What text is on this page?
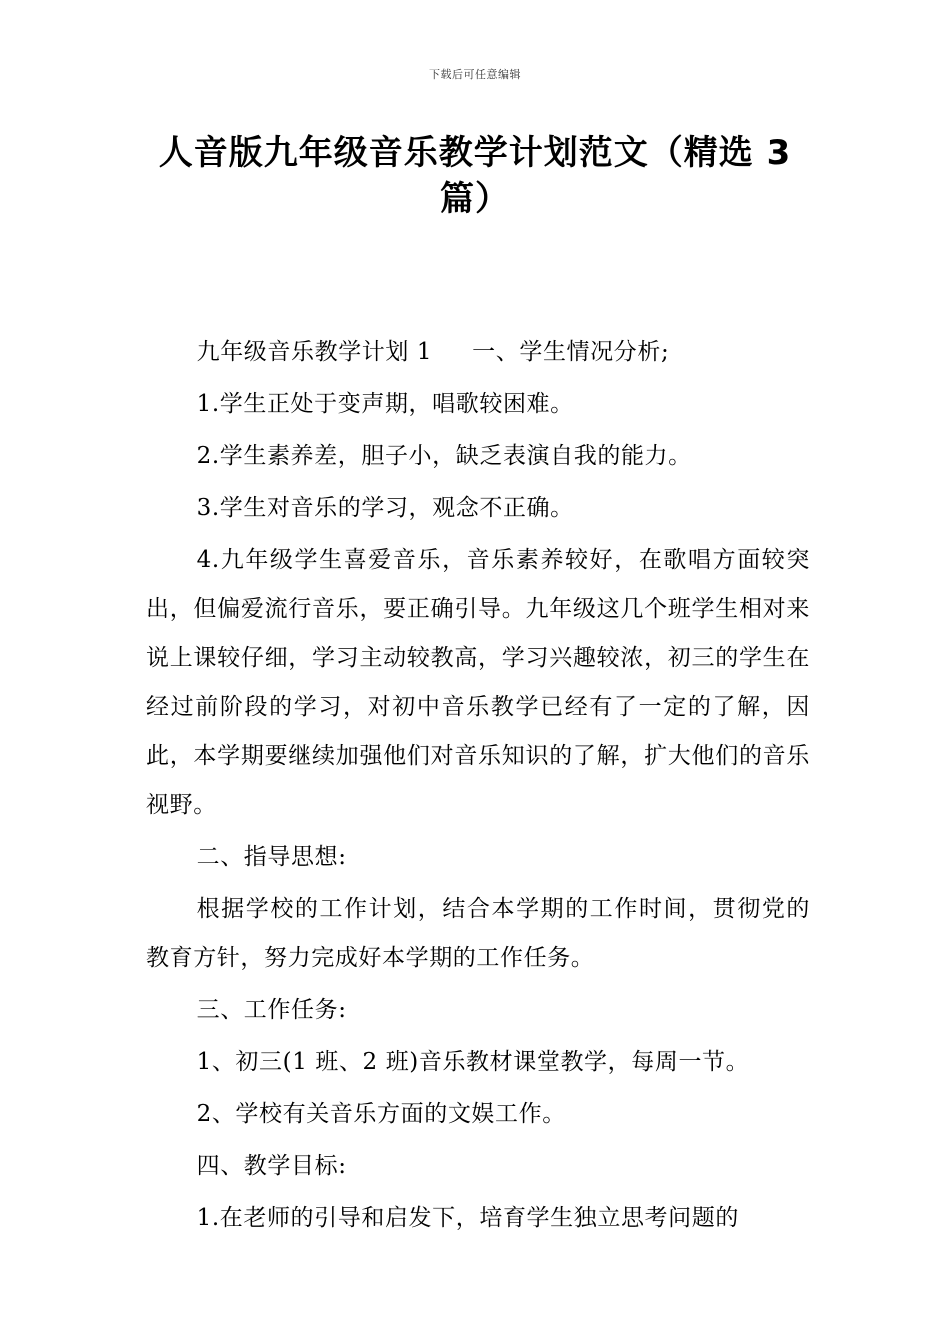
下载后可任意编辑
人音版九年级音乐教学计划范文（精选 3 篇）

九年级音乐教学计划 1 一、学生情况分析;

1.学生正处于变声期，唱歌较困难。

2.学生素养差，胆子小，缺乏表演自我的能力。

3.学生对音乐的学习，观念不正确。

4.九年级学生喜爱音乐，音乐素养较好，在歌唱方面较突出，但偏爱流行音乐，要正确引导。九年级这几个班学生相对来说上课较仔细，学习主动较教高，学习兴趣较浓，初三的学生在经过前阶段的学习，对初中音乐教学已经有了一定的了解，因此，本学期要继续加强他们对音乐知识的了解，扩大他们的音乐视野。

二、指导思想:

根据学校的工作计划，结合本学期的工作时间，贯彻党的教育方针，努力完成好本学期的工作任务。

三、工作任务:

1、初三(1 班、2 班)音乐教材课堂教学，每周一节。

2、学校有关音乐方面的文娱工作。

四、教学目标:

1.在老师的引导和启发下，培育学生独立思考问题的
